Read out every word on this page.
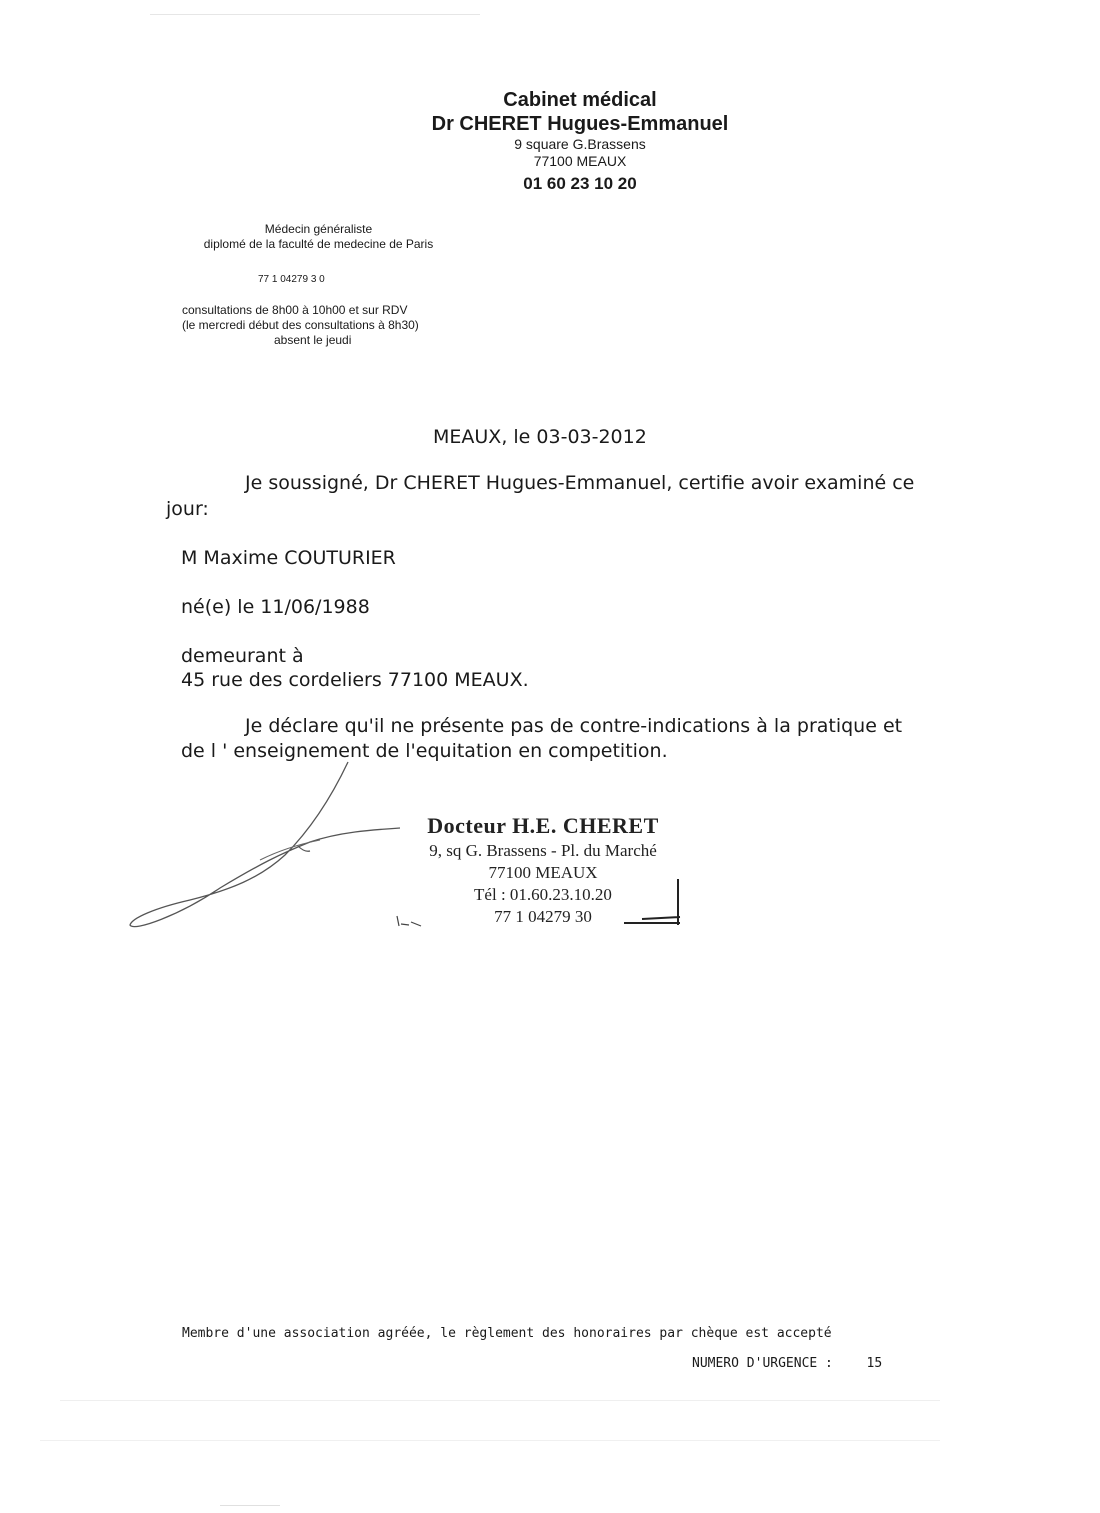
Cabinet médical
Dr CHERET Hugues-Emmanuel
9 square G.Brassens
77100 MEAUX
01 60 23 10 20
Médecin généraliste
diplomé de la faculté de medecine de Paris
77 1 04279 3 0
consultations de 8h00 à 10h00 et sur RDV
(le mercredi début des consultations à 8h30)
absent le jeudi
MEAUX, le 03-03-2012
Je soussigné, Dr CHERET Hugues-Emmanuel, certifie avoir examiné ce
jour:
M Maxime COUTURIER
né(e) le 11/06/1988
demeurant à
45 rue des cordeliers 77100 MEAUX.
Je déclare qu'il ne présente pas de contre-indications à la pratique et
de l ' enseignement de l'equitation en competition.
Docteur H.E. CHERET
9, sq G. Brassens - Pl. du Marché
77100 MEAUX
Tél : 01.60.23.10.20
77 1 04279 30
Membre d'une association agréée, le règlement des honoraires par chèque est accepté
NUMERO D'URGENCE :	15
